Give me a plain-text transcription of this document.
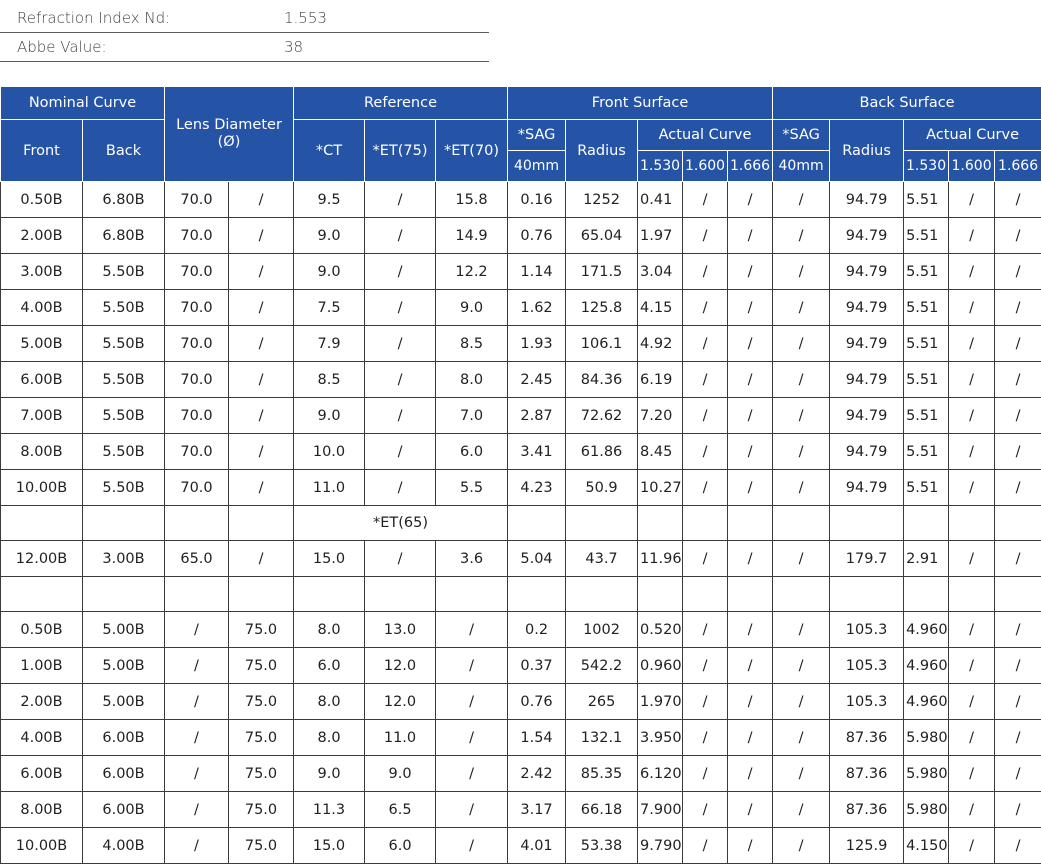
Refraction Index Nd:	1.553
Abbe Value:	38
Nominal Curve		Lens Diameter (Ø)		Reference			Front Surface					Back Surface				
Front	Back			*CT	*ET(75)	*ET(70)	*SAG	Radius	Actual Curve			*SAG	Radius	Actual Curve		
							40mm		1.530	1.600	1.666	40mm		1.530	1.600	1.666
0.50B	6.80B	70.0	/	9.5	/	15.8	0.16	1252	0.41	/	/	/	94.79	5.51	/	/
2.00B	6.80B	70.0	/	9.0	/	14.9	0.76	65.04	1.97	/	/	/	94.79	5.51	/	/
3.00B	5.50B	70.0	/	9.0	/	12.2	1.14	171.5	3.04	/	/	/	94.79	5.51	/	/
4.00B	5.50B	70.0	/	7.5	/	9.0	1.62	125.8	4.15	/	/	/	94.79	5.51	/	/
5.00B	5.50B	70.0	/	7.9	/	8.5	1.93	106.1	4.92	/	/	/	94.79	5.51	/	/
6.00B	5.50B	70.0	/	8.5	/	8.0	2.45	84.36	6.19	/	/	/	94.79	5.51	/	/
7.00B	5.50B	70.0	/	9.0	/	7.0	2.87	72.62	7.20	/	/	/	94.79	5.51	/	/
8.00B	5.50B	70.0	/	10.0	/	6.0	3.41	61.86	8.45	/	/	/	94.79	5.51	/	/
10.00B	5.50B	70.0	/	11.0	/	5.5	4.23	50.9	10.27	/	/	/	94.79	5.51	/	/
				*ET(65)												
12.00B	3.00B	65.0	/	15.0	/	3.6	5.04	43.7	11.96	/	/	/	179.7	2.91	/	/

0.50B	5.00B	/	75.0	8.0	13.0	/	0.2	1002	0.520	/	/	/	105.3	4.960	/	/
1.00B	5.00B	/	75.0	6.0	12.0	/	0.37	542.2	0.960	/	/	/	105.3	4.960	/	/
2.00B	5.00B	/	75.0	8.0	12.0	/	0.76	265	1.970	/	/	/	105.3	4.960	/	/
4.00B	6.00B	/	75.0	8.0	11.0	/	1.54	132.1	3.950	/	/	/	87.36	5.980	/	/
6.00B	6.00B	/	75.0	9.0	9.0	/	2.42	85.35	6.120	/	/	/	87.36	5.980	/	/
8.00B	6.00B	/	75.0	11.3	6.5	/	3.17	66.18	7.900	/	/	/	87.36	5.980	/	/
10.00B	4.00B	/	75.0	15.0	6.0	/	4.01	53.38	9.790	/	/	/	125.9	4.150	/	/
